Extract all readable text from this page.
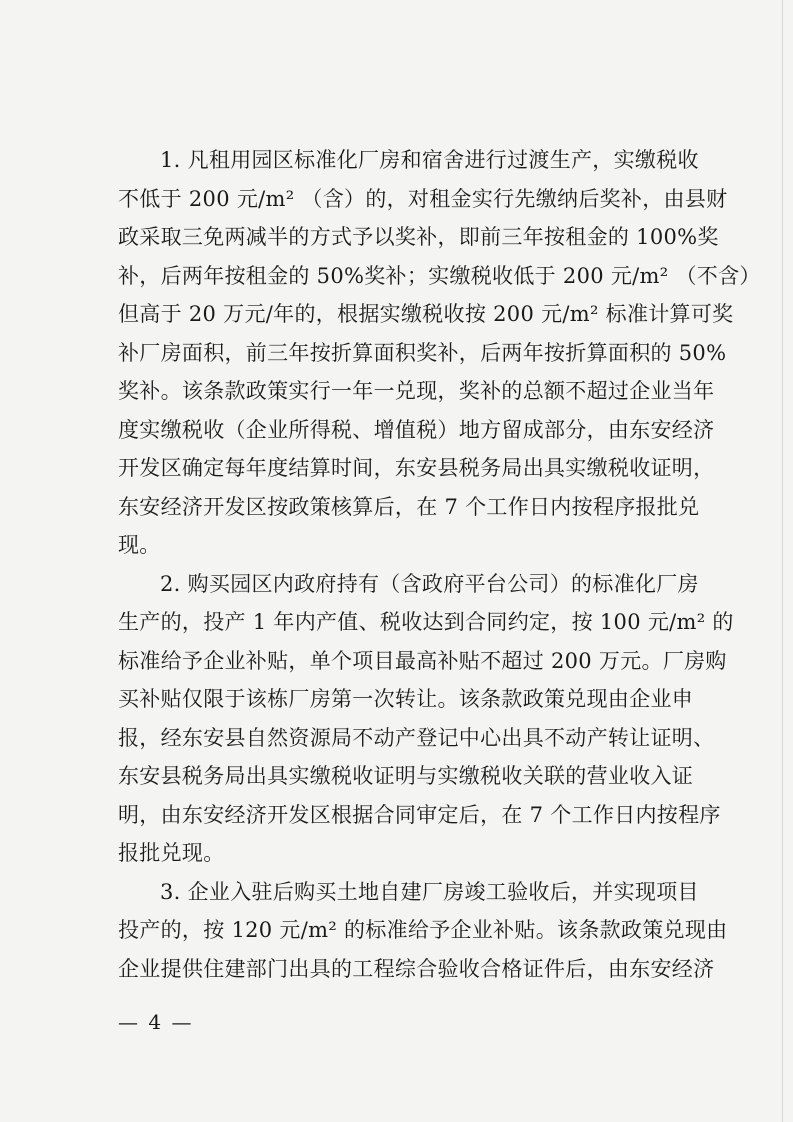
1. 凡租用园区标准化厂房和宿舍进行过渡生产，实缴税收
不低于 200 元/m² （含）的，对租金实行先缴纳后奖补，由县财
政采取三免两减半的方式予以奖补，即前三年按租金的 100%奖
补，后两年按租金的 50%奖补；实缴税收低于 200 元/m² （不含）
但高于 20 万元/年的，根据实缴税收按 200 元/m² 标准计算可奖
补厂房面积，前三年按折算面积奖补，后两年按折算面积的 50%
奖补。该条款政策实行一年一兑现，奖补的总额不超过企业当年
度实缴税收（企业所得税、增值税）地方留成部分，由东安经济
开发区确定每年度结算时间，东安县税务局出具实缴税收证明，
东安经济开发区按政策核算后，在 7 个工作日内按程序报批兑
现。
2. 购买园区内政府持有（含政府平台公司）的标准化厂房
生产的，投产 1 年内产值、税收达到合同约定，按 100 元/m² 的
标准给予企业补贴，单个项目最高补贴不超过 200 万元。厂房购
买补贴仅限于该栋厂房第一次转让。该条款政策兑现由企业申
报，经东安县自然资源局不动产登记中心出具不动产转让证明、
东安县税务局出具实缴税收证明与实缴税收关联的营业收入证
明，由东安经济开发区根据合同审定后，在 7 个工作日内按程序
报批兑现。
3. 企业入驻后购买土地自建厂房竣工验收后，并实现项目
投产的，按 120 元/m² 的标准给予企业补贴。该条款政策兑现由
企业提供住建部门出具的工程综合验收合格证件后，由东安经济
— 4 —
